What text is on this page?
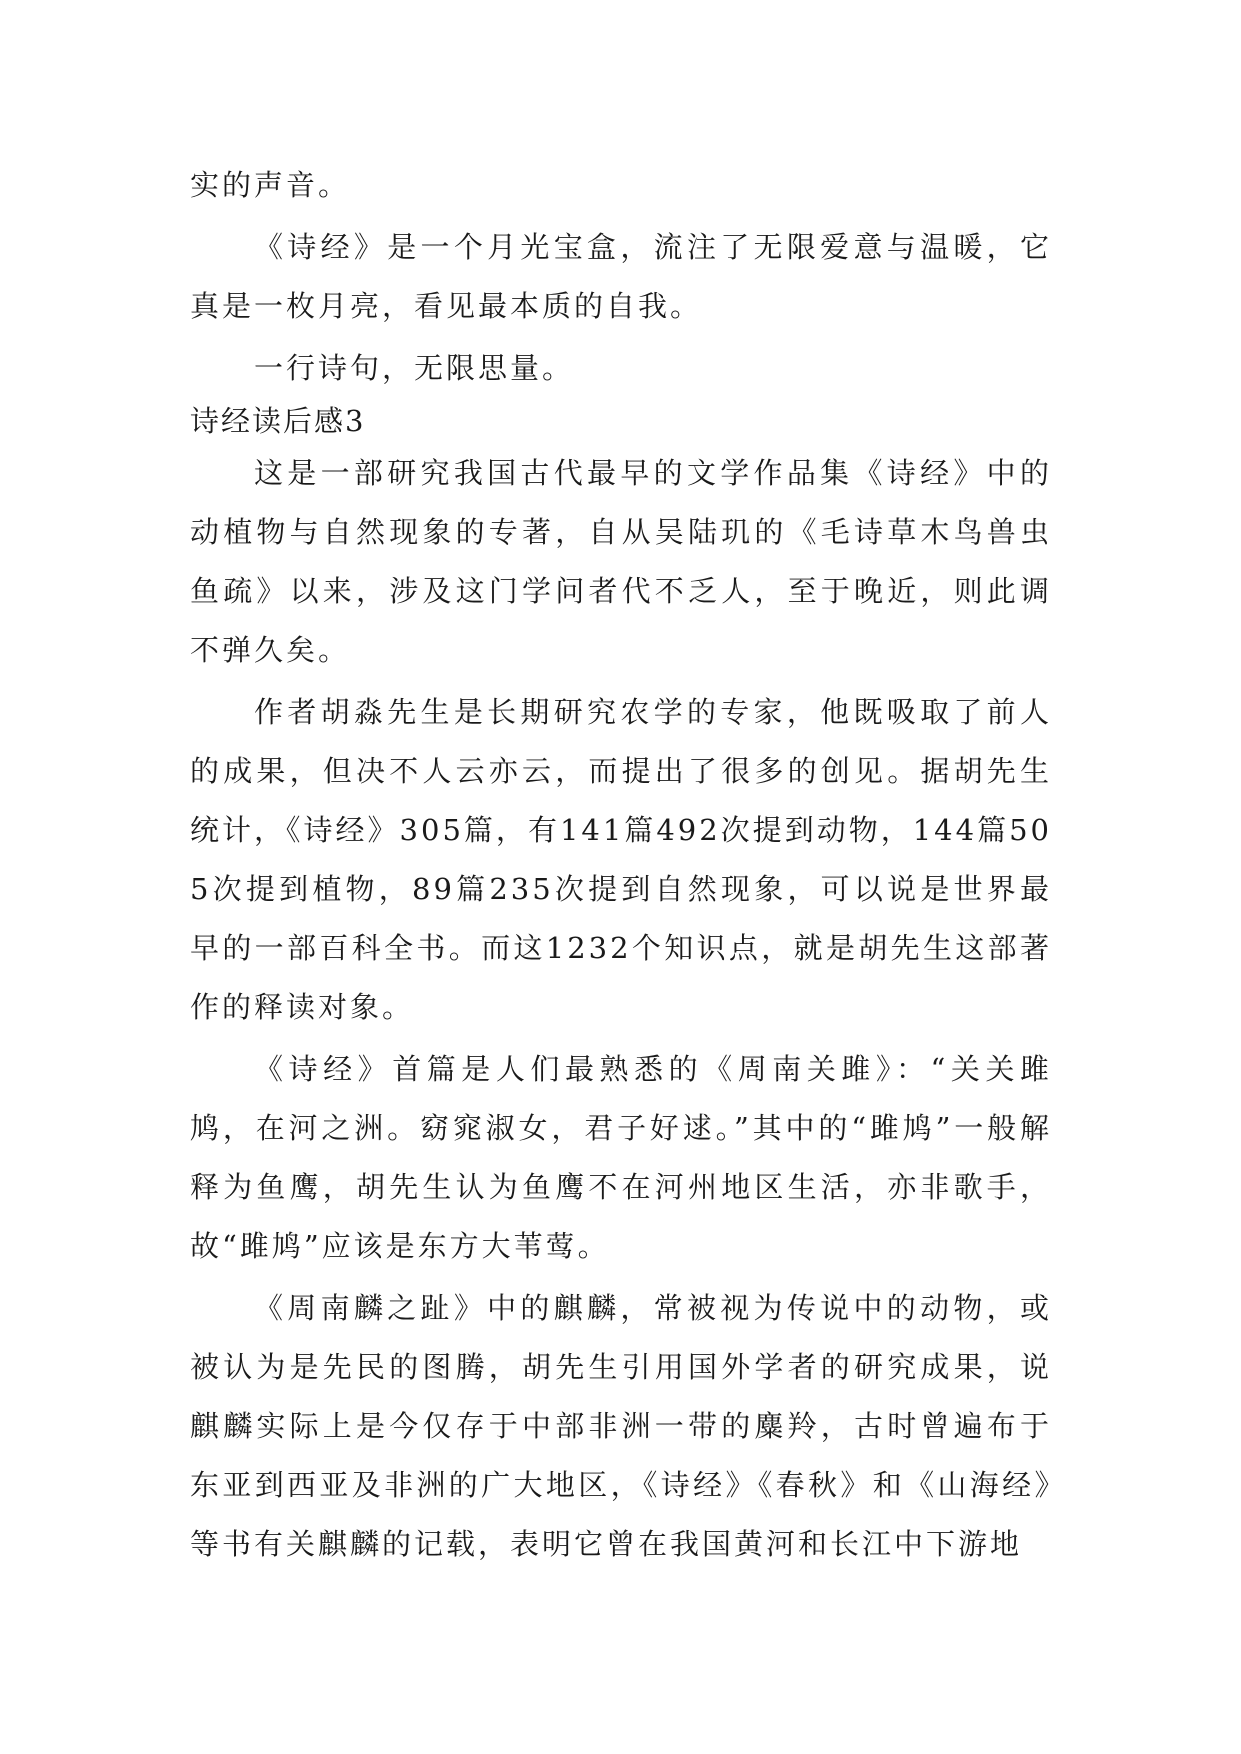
实的声音。

《诗经》是一个月光宝盒，流注了无限爱意与温暖，它真是一枚月亮，看见最本质的自我。

一行诗句，无限思量。

诗经读后感3

这是一部研究我国古代最早的文学作品集《诗经》中的动植物与自然现象的专著，自从吴陆玑的《毛诗草木鸟兽虫鱼疏》以来，涉及这门学问者代不乏人，至于晚近，则此调不弹久矣。

作者胡淼先生是长期研究农学的专家，他既吸取了前人的成果，但决不人云亦云，而提出了很多的创见。据胡先生统计，《诗经》305篇，有141篇492次提到动物，144篇505次提到植物，89篇235次提到自然现象，可以说是世界最早的一部百科全书。而这1232个知识点，就是胡先生这部著作的释读对象。

《诗经》首篇是人们最熟悉的《周南关雎》：“关关雎鸠，在河之洲。窈窕淑女，君子好逑。”其中的“雎鸠”一般解释为鱼鹰，胡先生认为鱼鹰不在河州地区生活，亦非歌手，故“雎鸠”应该是东方大苇莺。

《周南麟之趾》中的麒麟，常被视为传说中的动物，或被认为是先民的图腾，胡先生引用国外学者的研究成果，说麒麟实际上是今仅存于中部非洲一带的麋羚，古时曾遍布于东亚到西亚及非洲的广大地区，《诗经》《春秋》和《山海经》等书有关麒麟的记载，表明它曾在我国黄河和长江中下游地
